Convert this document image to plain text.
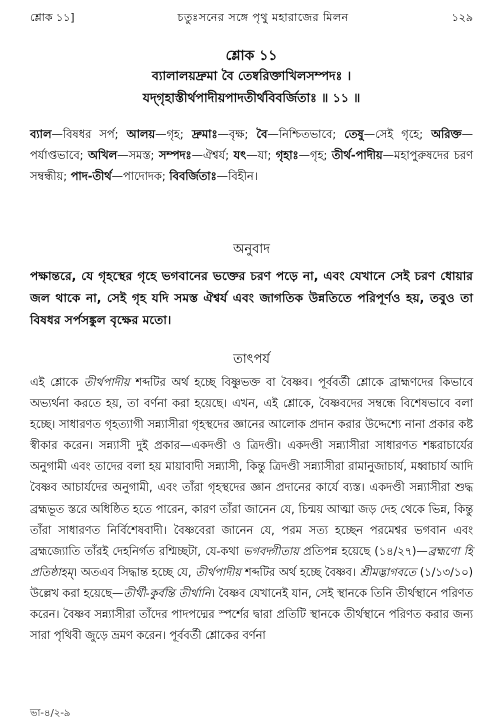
শ্লোক ১১]	চতুঃসনের সঙ্গে পৃথু মহারাজের মিলন	১২৯
শ্লোক ১১
ব্যালালয়দ্রুমা বৈ তেষ্বরিক্তাখিলসম্পদঃ ।
যদ্‌গৃহাস্তীর্থপাদীয়পাদতীর্থবিবর্জিতাঃ ॥ ১১ ॥

ব্যাল—বিষধর সর্প; আলয়—গৃহ; দ্রুমাঃ—বৃক্ষ; বৈ—নিশ্চিতভাবে; তেষু—সেই গৃহে; অরিক্ত—পর্যাপ্তভাবে; অখিল—সমস্ত; সম্পদঃ—ঐশ্বর্য; যৎ—যা; গৃহাঃ—গৃহ; তীর্থ-পাদীয়—মহাপুরুষদের চরণ সম্বন্ধীয়; পাদ-তীর্থ—পাদোদক; বিবর্জিতাঃ—বিহীন।

অনুবাদ

পক্ষান্তরে, যে গৃহস্থের গৃহে ভগবানের ভক্তের চরণ পড়ে না, এবং যেখানে সেই চরণ ধোয়ার জল থাকে না, সেই গৃহ যদি সমস্ত ঐশ্বর্য এবং জাগতিক উন্নতিতে পরিপূর্ণও হয়, তবুও তা বিষধর সর্পসঙ্কুল বৃক্ষের মতো।

তাৎপর্য

এই শ্লোকে তীর্থপাদীয় শব্দটির অর্থ হচ্ছে বিষ্ণুভক্ত বা বৈষ্ণব। পূর্ববর্তী শ্লোকে ব্রাহ্মণদের কিভাবে অভ্যর্থনা করতে হয়, তা বর্ণনা করা হয়েছে। এখন, এই শ্লোকে, বৈষ্ণবদের সম্বন্ধে বিশেষভাবে বলা হচ্ছে। সাধারণত গৃহত্যাগী সন্ন্যাসীরা গৃহস্থদের জ্ঞানের আলোক প্রদান করার উদ্দেশ্যে নানা প্রকার কষ্ট স্বীকার করেন। সন্ন্যাসী দুই প্রকার—একদণ্ডী ও ত্রিদণ্ডী। একদণ্ডী সন্ন্যাসীরা সাধারণত শঙ্করাচার্যের অনুগামী এবং তাদের বলা হয় মায়াবাদী সন্ন্যাসী, কিন্তু ত্রিদণ্ডী সন্ন্যাসীরা রামানুজাচার্য, মধ্বাচার্য আদি বৈষ্ণব আচার্যদের অনুগামী, এবং তাঁরা গৃহস্থদের জ্ঞান প্রদানের কার্যে ব্যস্ত। একদণ্ডী সন্ন্যাসীরা শুদ্ধ ব্রহ্মভূত স্তরে অধিষ্ঠিত হতে পারেন, কারণ তাঁরা জানেন যে, চিন্ময় আত্মা জড় দেহ থেকে ভিন্ন, কিন্তু তাঁরা সাধারণত নির্বিশেষবাদী। বৈষ্ণবেরা জানেন যে, পরম সত্য হচ্ছেন পরমেশ্বর ভগবান এবং ব্রহ্মজ্যোতি তাঁরই দেহনির্গত রশ্মিচ্ছটা, যে-কথা ভগবদ্গীতায় প্রতিপন্ন হয়েছে (১৪/২৭)—ব্রহ্মণো হি প্রতিষ্ঠাহম্। অতএব সিদ্ধান্ত হচ্ছে যে, তীর্থপাদীয় শব্দটির অর্থ হচ্ছে বৈষ্ণব। শ্রীমদ্ভাগবতে (১/১৩/১০) উল্লেখ করা হয়েছে—তীর্থী-কুর্বন্তি তীর্থানি। বৈষ্ণব যেখানেই যান, সেই স্থানকে তিনি তীর্থস্থানে পরিণত করেন। বৈষ্ণব সন্ন্যাসীরা তাঁদের পাদপদ্মের স্পর্শের দ্বারা প্রতিটি স্থানকে তীর্থস্থানে পরিণত করার জন্য সারা পৃথিবী জুড়ে ভ্রমণ করেন। পূর্ববর্তী শ্লোকের বর্ণনা

ভা-৪/২-৯
